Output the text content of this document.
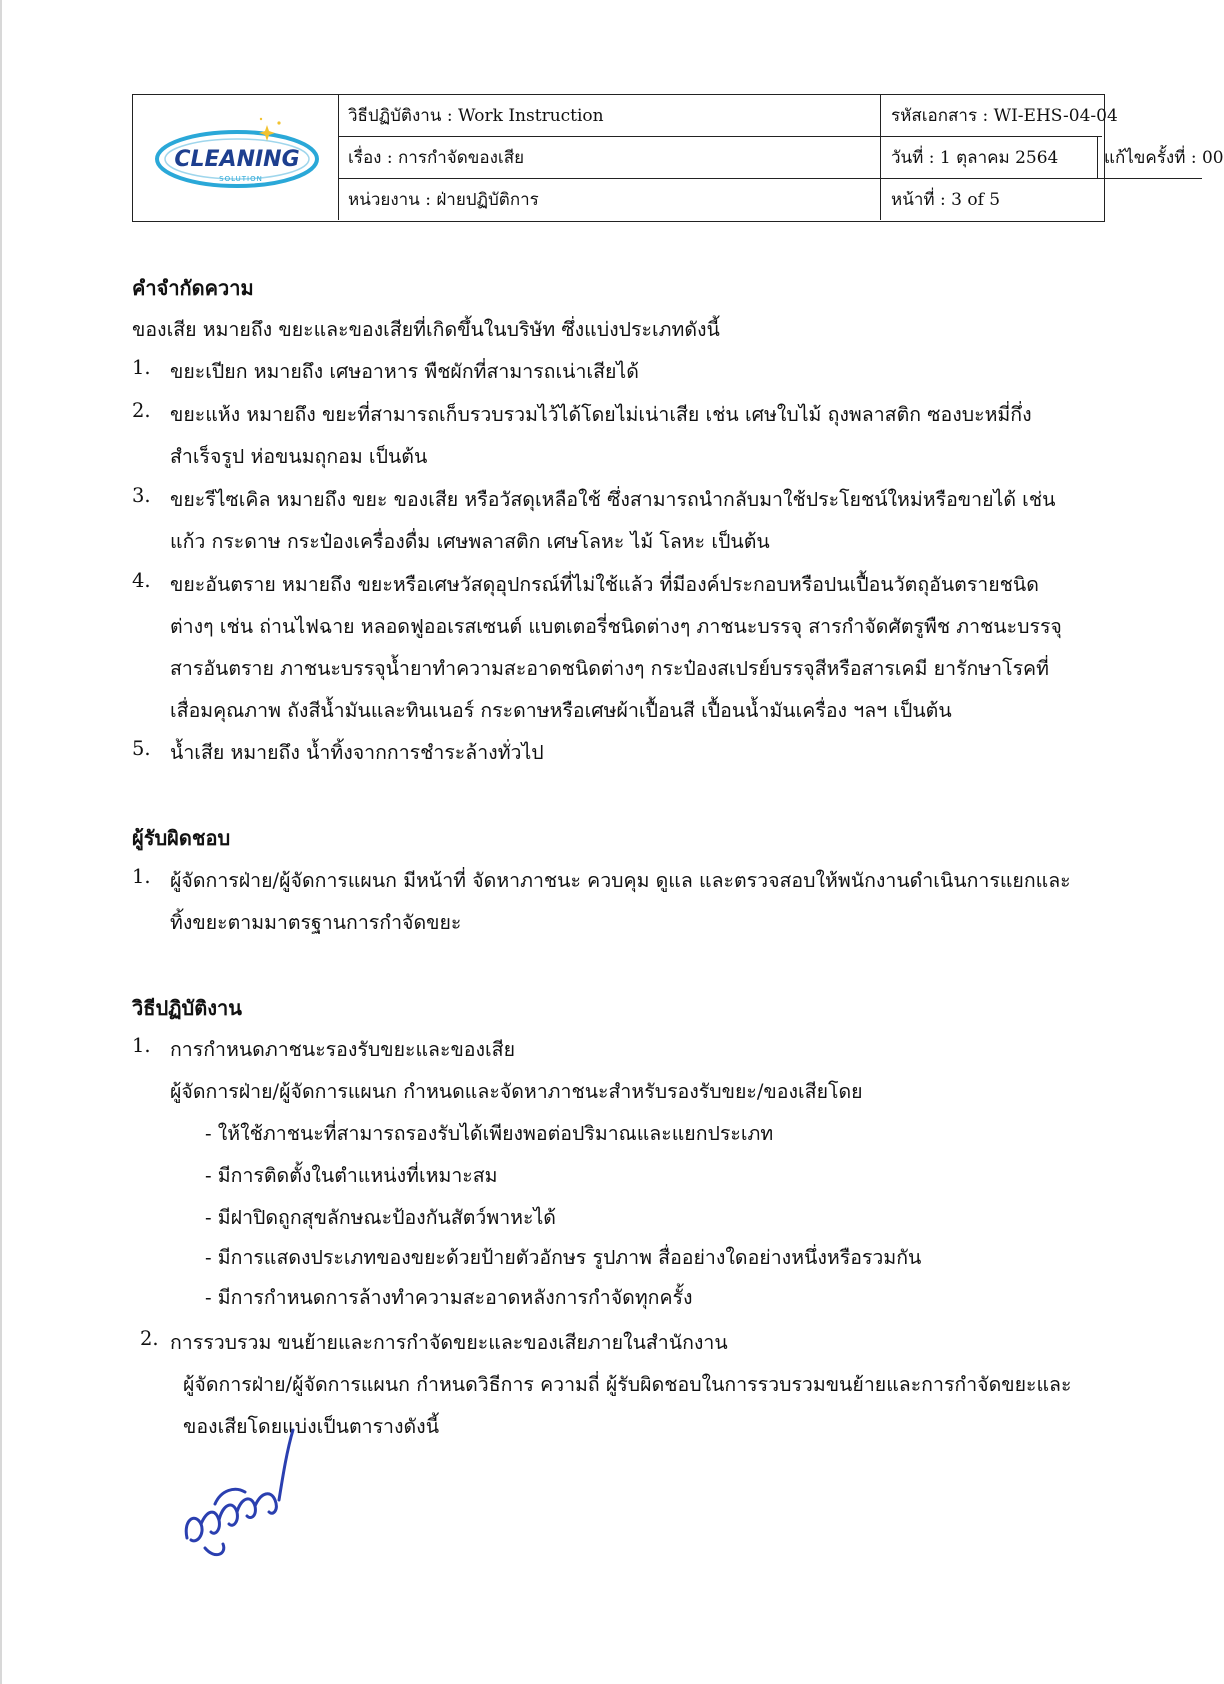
CLEANING
SOLUTION
วิธีปฏิบัติงาน : Work Instruction	รหัสเอกสาร : WI-EHS-04-04
เรื่อง : การกำจัดของเสีย	วันที่ : 1 ตุลาคม 2564	แก้ไขครั้งที่ : 00
หน่วยงาน : ฝ่ายปฏิบัติการ	หน้าที่ : 3 of 5
คำจำกัดความ
ของเสีย หมายถึง ขยะและของเสียที่เกิดขึ้นในบริษัท ซึ่งแบ่งประเภทดังนี้
1. ขยะเปียก หมายถึง เศษอาหาร พืชผักที่สามารถเน่าเสียได้
2. ขยะแห้ง หมายถึง ขยะที่สามารถเก็บรวบรวมไว้ได้โดยไม่เน่าเสีย เช่น เศษใบไม้ ถุงพลาสติก ซองบะหมี่กึ่ง
สำเร็จรูป ห่อขนมถุกอม เป็นต้น
3. ขยะรีไซเคิล หมายถึง ขยะ ของเสีย หรือวัสดุเหลือใช้ ซึ่งสามารถนำกลับมาใช้ประโยชน์ใหม่หรือขายได้ เช่น
แก้ว กระดาษ กระป๋องเครื่องดื่ม เศษพลาสติก เศษโลหะ ไม้ โลหะ เป็นต้น
4. ขยะอันตราย หมายถึง ขยะหรือเศษวัสดุอุปกรณ์ที่ไม่ใช้แล้ว ที่มีองค์ประกอบหรือปนเปื้อนวัตถุอันตรายชนิด
ต่างๆ เช่น ถ่านไฟฉาย หลอดฟูออเรสเซนต์ แบตเตอรี่ชนิดต่างๆ ภาชนะบรรจุ สารกำจัดศัตรูพืช ภาชนะบรรจุ
สารอันตราย ภาชนะบรรจุน้ำยาทำความสะอาดชนิดต่างๆ กระป๋องสเปรย์บรรจุสีหรือสารเคมี ยารักษาโรคที่
เสื่อมคุณภาพ ถังสีน้ำมันและทินเนอร์ กระดาษหรือเศษผ้าเปื้อนสี เปื้อนน้ำมันเครื่อง ฯลฯ เป็นต้น
5. น้ำเสีย หมายถึง น้ำทิ้งจากการชำระล้างทั่วไป
ผู้รับผิดชอบ
1. ผู้จัดการฝ่าย/ผู้จัดการแผนก มีหน้าที่ จัดหาภาชนะ ควบคุม ดูแล และตรวจสอบให้พนักงานดำเนินการแยกและ
ทิ้งขยะตามมาตรฐานการกำจัดขยะ
วิธีปฏิบัติงาน
1. การกำหนดภาชนะรองรับขยะและของเสีย
ผู้จัดการฝ่าย/ผู้จัดการแผนก กำหนดและจัดหาภาชนะสำหรับรองรับขยะ/ของเสียโดย
- ให้ใช้ภาชนะที่สามารถรองรับได้เพียงพอต่อปริมาณและแยกประเภท
- มีการติดตั้งในตำแหน่งที่เหมาะสม
- มีฝาปิดถูกสุขลักษณะป้องกันสัตว์พาหะได้
- มีการแสดงประเภทของขยะด้วยป้ายตัวอักษร รูปภาพ สื่ออย่างใดอย่างหนึ่งหรือรวมกัน
- มีการกำหนดการล้างทำความสะอาดหลังการกำจัดทุกครั้ง
2. การรวบรวม ขนย้ายและการกำจัดขยะและของเสียภายในสำนักงาน
ผู้จัดการฝ่าย/ผู้จัดการแผนก กำหนดวิธีการ ความถี่ ผู้รับผิดชอบในการรวบรวมขนย้ายและการกำจัดขยะและ
ของเสียโดยแบ่งเป็นตารางดังนี้
